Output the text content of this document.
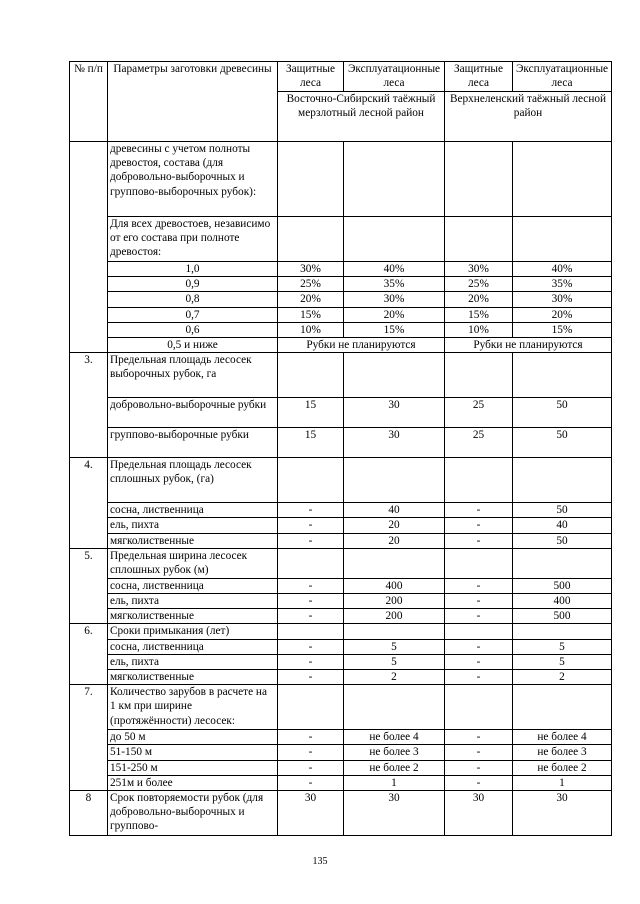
№ п/п	Параметры заготовки древесины	Защитные леса	Эксплуатационные леса	Защитные леса	Эксплуатационные леса
		Восточно-Сибирский таёжный мерзлотный лесной район		Верхнеленский таёжный лесной район	
	древесины с учетом полноты древостоя, состава (для добровольно-выборочных и группово-выборочных рубок):				
	Для всех древостоев, независимо от его состава при полноте древостоя:				
	1,0	30%	40%	30%	40%
	0,9	25%	35%	25%	35%
	0,8	20%	30%	20%	30%
	0,7	15%	20%	15%	20%
	0,6	10%	15%	10%	15%
	0,5 и ниже	Рубки не планируются		Рубки не планируются	
3.	Предельная площадь лесосек выборочных рубок, га				
	добровольно-выборочные рубки	15	30	25	50
	группово-выборочные рубки	15	30	25	50
4.	Предельная площадь лесосек сплошных рубок, (га)				
	сосна, лиственница	-	40	-	50
	ель, пихта	-	20	-	40
	мягколиственные	-	20	-	50
5.	Предельная ширина лесосек сплошных рубок (м)				
	сосна, лиственница	-	400	-	500
	ель, пихта	-	200	-	400
	мягколиственные	-	200	-	500
6.	Сроки примыкания (лет)				
	сосна, лиственница	-	5	-	5
	ель, пихта	-	5	-	5
	мягколиственные	-	2	-	2
7.	Количество зарубов в расчете на 1 км при ширине (протяжённости) лесосек:				
	до 50 м	-	не более 4	-	не более 4
	51-150 м	-	не более 3	-	не более 3
	151-250 м	-	не более 2	-	не более 2
	251м и более	-	1	-	1
8	Срок повторяемости рубок (для добровольно-выборочных и группово-	30	30	30	30
135
